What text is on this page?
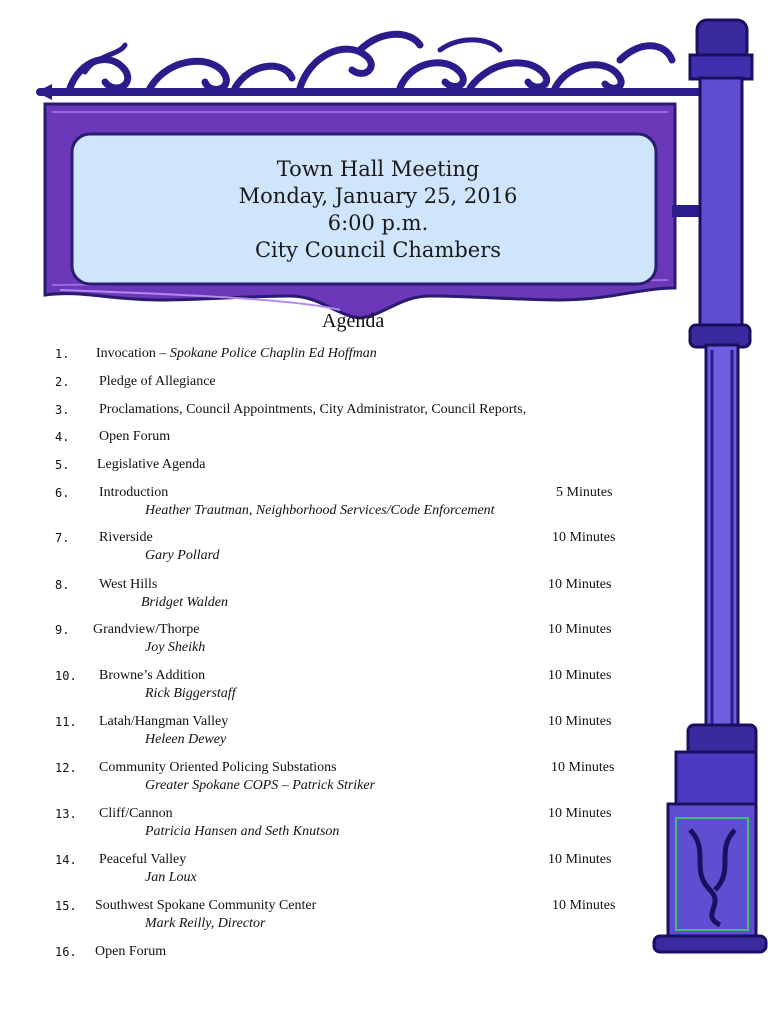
Town Hall Meeting
Monday, January 25, 2016
6:00 p.m.
City Council Chambers
Agenda
1. Invocation – Spokane Police Chaplin Ed Hoffman
2. Pledge of Allegiance
3. Proclamations, Council Appointments, City Administrator, Council Reports,
4. Open Forum
5. Legislative Agenda
6. Introduction
Heather Trautman, Neighborhood Services/Code Enforcement
5 Minutes
7. Riverside
Gary Pollard
10 Minutes
8. West Hills
Bridget Walden
10 Minutes
9. Grandview/Thorpe
Joy Sheikh
10 Minutes
10. Browne’s Addition
Rick Biggerstaff
10 Minutes
11. Latah/Hangman Valley
Heleen Dewey
10 Minutes
12. Community Oriented Policing Substations
Greater Spokane COPS – Patrick Striker
10 Minutes
13. Cliff/Cannon
Patricia Hansen and Seth Knutson
10 Minutes
14. Peaceful Valley
Jan Loux
10 Minutes
15. Southwest Spokane Community Center
Mark Reilly, Director
10 Minutes
16. Open Forum
